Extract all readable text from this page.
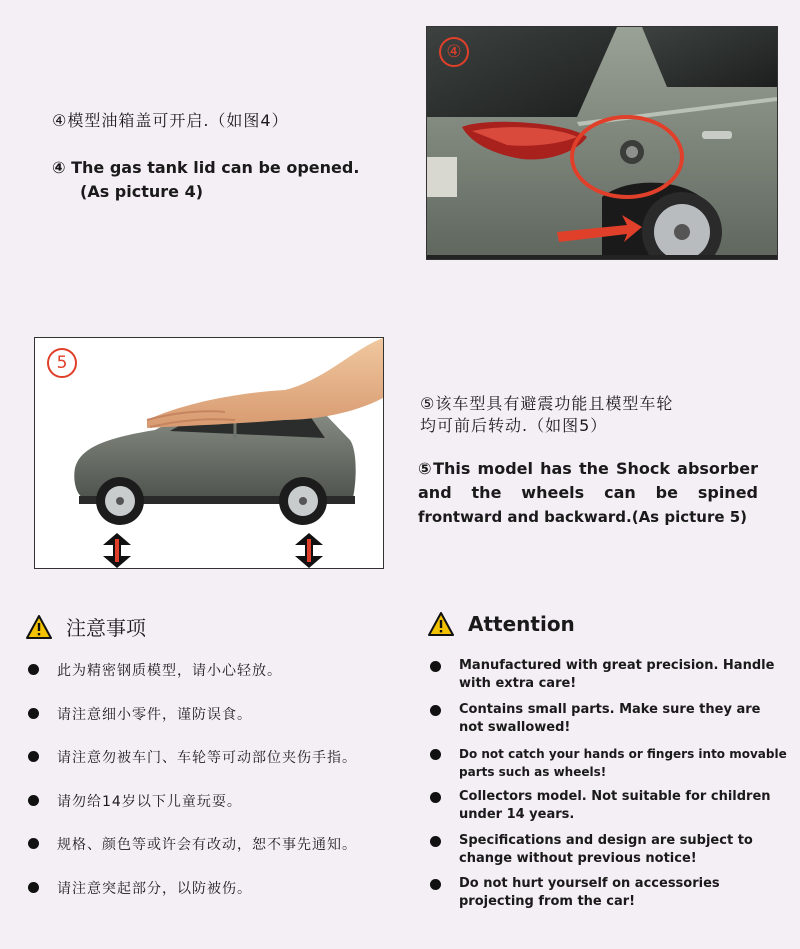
④模型油箱盖可开启.（如图4）
④ The gas tank lid can be opened.
(As picture 4)
④
5
⑤该车型具有避震功能且模型车轮
均可前后转动.（如图5）
⑤This model has the Shock absorber
and the wheels can be spined
frontward and backward.(As picture 5)
注意事项
此为精密钢质模型，请小心轻放。
请注意细小零件，谨防误食。
请注意勿被车门、车轮等可动部位夹伤手指。
请勿给14岁以下儿童玩耍。
规格、颜色等或许会有改动，恕不事先通知。
请注意突起部分，以防被伤。
Attention
Manufactured with great precision. Handle
with extra care!
Contains small parts. Make sure they are
not swallowed!
Do not catch your hands or fingers into movable
parts such as wheels!
Collectors model. Not suitable for children
under 14 years.
Specifications and design are subject to
change without previous notice!
Do not hurt yourself on accessories
projecting from the car!
